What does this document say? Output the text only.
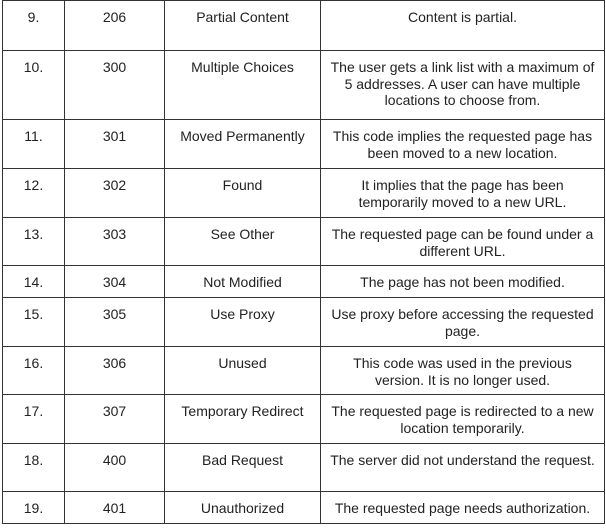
9.	206	Partial Content	Content is partial.
10.	300	Multiple Choices	The user gets a link list with a maximum of 5 addresses. A user can have multiple locations to choose from.
11.	301	Moved Permanently	This code implies the requested page has been moved to a new location.
12.	302	Found	It implies that the page has been temporarily moved to a new URL.
13.	303	See Other	The requested page can be found under a different URL.
14.	304	Not Modified	The page has not been modified.
15.	305	Use Proxy	Use proxy before accessing the requested page.
16.	306	Unused	This code was used in the previous version. It is no longer used.
17.	307	Temporary Redirect	The requested page is redirected to a new location temporarily.
18.	400	Bad Request	The server did not understand the request.
19.	401	Unauthorized	The requested page needs authorization.
